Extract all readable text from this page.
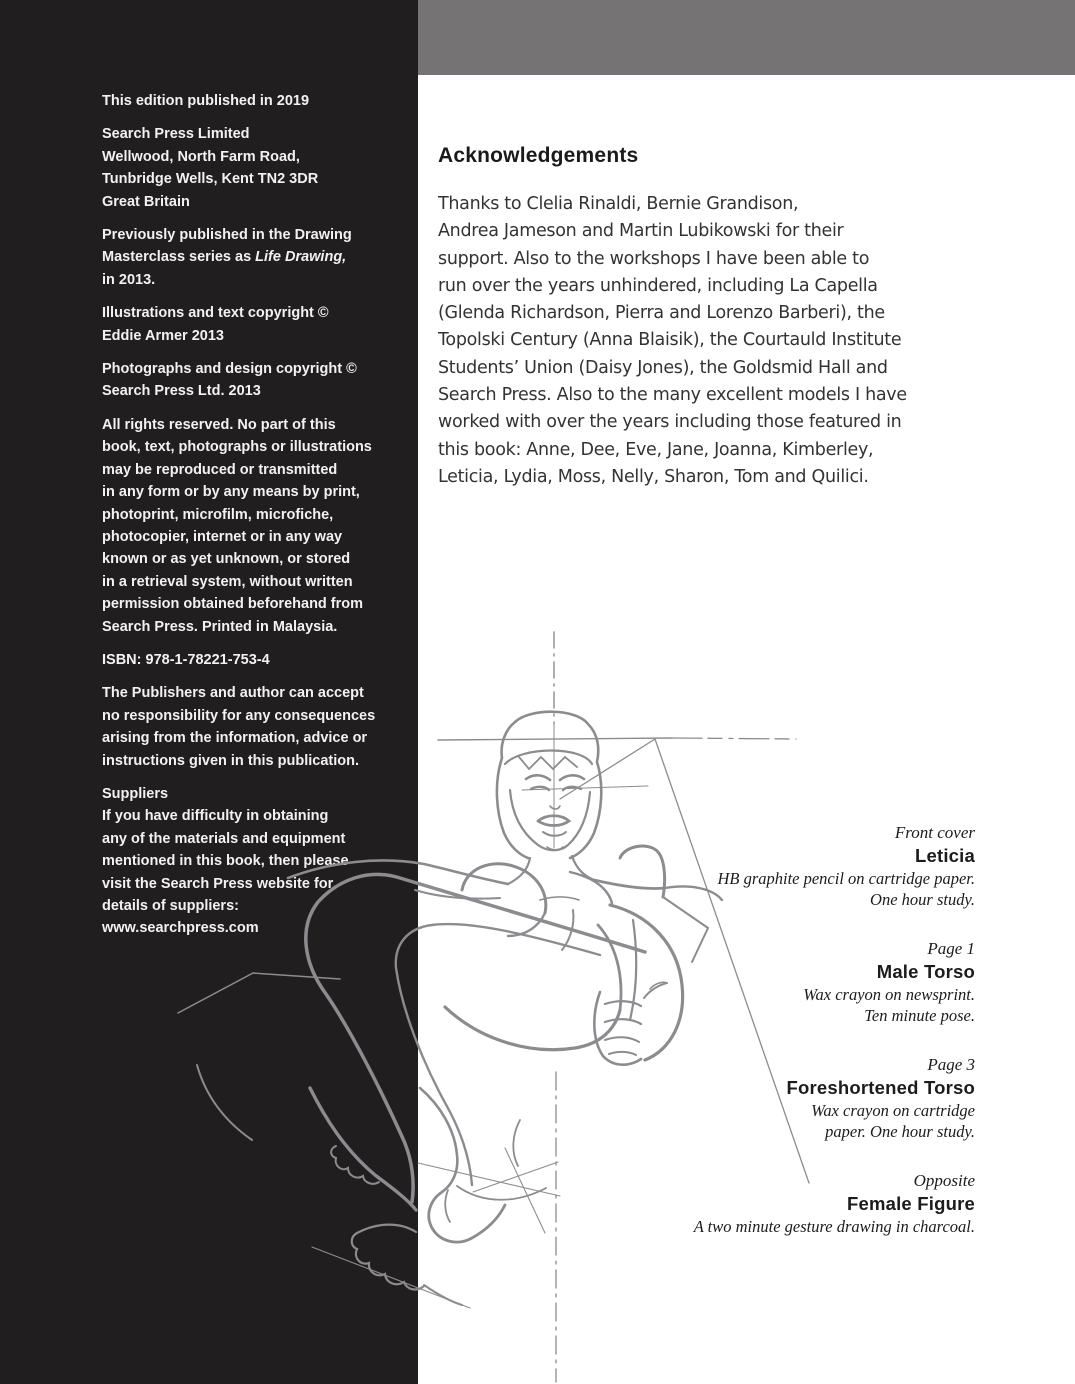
This edition published in 2019
Search Press Limited
Wellwood, North Farm Road,
Tunbridge Wells, Kent TN2 3DR
Great Britain
Previously published in the Drawing
Masterclass series as Life Drawing,
in 2013.
Illustrations and text copyright ©
Eddie Armer 2013
Photographs and design copyright ©
Search Press Ltd. 2013
All rights reserved. No part of this
book, text, photographs or illustrations
may be reproduced or transmitted
in any form or by any means by print,
photoprint, microfilm, microfiche,
photocopier, internet or in any way
known or as yet unknown, or stored
in a retrieval system, without written
permission obtained beforehand from
Search Press. Printed in Malaysia.
ISBN: 978-1-78221-753-4
The Publishers and author can accept
no responsibility for any consequences
arising from the information, advice or
instructions given in this publication.
Suppliers
If you have difficulty in obtaining
any of the materials and equipment
mentioned in this book, then please
visit the Search Press website for
details of suppliers:
www.searchpress.com
Acknowledgements
Thanks to Clelia Rinaldi, Bernie Grandison,
Andrea Jameson and Martin Lubikowski for their
support. Also to the workshops I have been able to
run over the years unhindered, including La Capella
(Glenda Richardson, Pierra and Lorenzo Barberi), the
Topolski Century (Anna Blaisik), the Courtauld Institute
Students’ Union (Daisy Jones), the Goldsmid Hall and
Search Press. Also to the many excellent models I have
worked with over the years including those featured in
this book: Anne, Dee, Eve, Jane, Joanna, Kimberley,
Leticia, Lydia, Moss, Nelly, Sharon, Tom and Quilici.
Front cover
Leticia
HB graphite pencil on cartridge paper.
One hour study.
Page 1
Male Torso
Wax crayon on newsprint.
Ten minute pose.
Page 3
Foreshortened Torso
Wax crayon on cartridge
paper. One hour study.
Opposite
Female Figure
A two minute gesture drawing in charcoal.
